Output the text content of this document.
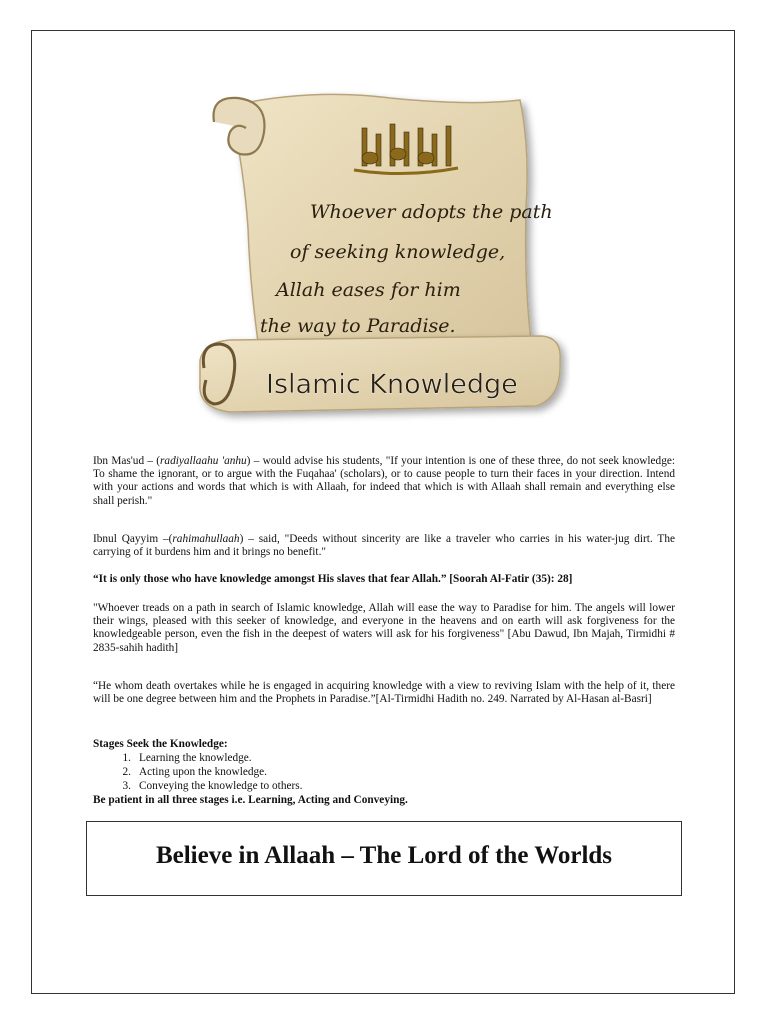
Whoever adopts the path
of seeking knowledge,
Allah eases for him
the way to Paradise.
Islamic Knowledge

Ibn Mas'ud – (radiyallaahu 'anhu) – would advise his students, "If your intention is one of these three, do not seek knowledge: To shame the ignorant, or to argue with the Fuqahaa' (scholars), or to cause people to turn their faces in your direction. Intend with your actions and words that which is with Allaah, for indeed that which is with Allaah shall remain and everything else shall perish."

Ibnul Qayyim –(rahimahullaah) – said, "Deeds without sincerity are like a traveler who carries in his water-jug dirt. The carrying of it burdens him and it brings no benefit."

“It is only those who have knowledge amongst His slaves that fear Allah.” [Soorah Al-Fatir (35): 28]

"Whoever treads on a path in search of Islamic knowledge, Allah will ease the way to Paradise for him. The angels will lower their wings, pleased with this seeker of knowledge, and everyone in the heavens and on earth will ask forgiveness for the knowledgeable person, even the fish in the deepest of waters will ask for his forgiveness" [Abu Dawud, Ibn Majah, Tirmidhi # 2835-sahih hadith]

“He whom death overtakes while he is engaged in acquiring knowledge with a view to reviving Islam with the help of it, there will be one degree between him and the Prophets in Paradise.”[Al-Tirmidhi Hadith no. 249. Narrated by Al-Hasan al-Basri]

Stages Seek the Knowledge:

1. Learning the knowledge.
2. Acting upon the knowledge.
3. Conveying the knowledge to others.

Be patient in all three stages i.e. Learning, Acting and Conveying.

Believe in Allaah – The Lord of the Worlds
